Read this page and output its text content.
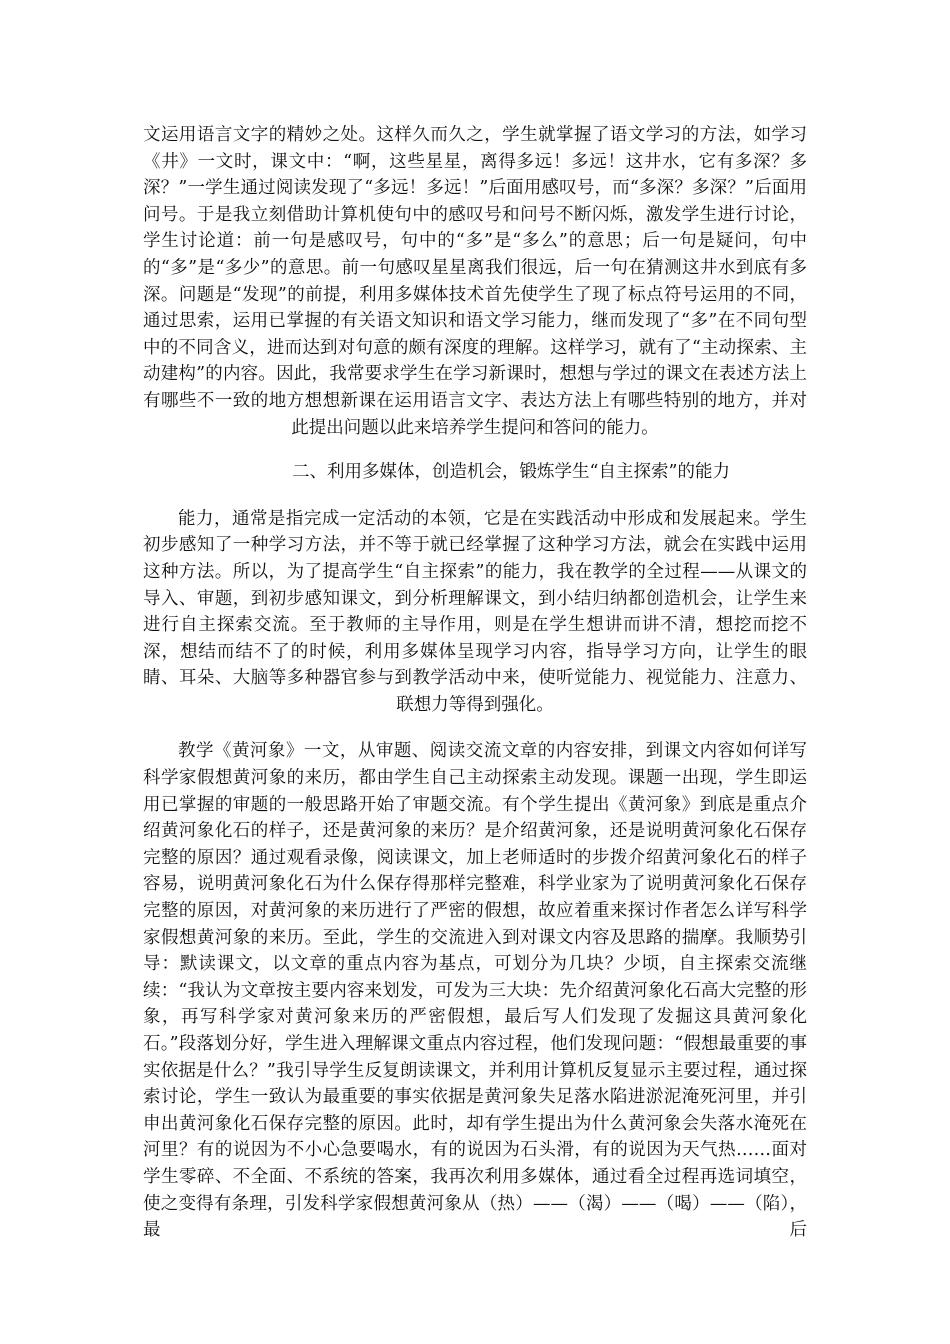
文运用语言文字的精妙之处。这样久而久之，学生就掌握了语文学习的方法，如学习《井》一文时，课文中：“啊，这些星星，离得多远！多远！这井水，它有多深？多深？”一学生通过阅读发现了“多远！多远！”后面用感叹号，而“多深？多深？”后面用问号。于是我立刻借助计算机使句中的感叹号和问号不断闪烁，激发学生进行讨论，学生讨论道：前一句是感叹号，句中的“多”是“多么”的意思；后一句是疑问，句中的“多”是“多少”的意思。前一句感叹星星离我们很远，后一句在猜测这井水到底有多深。问题是“发现”的前提，利用多媒体技术首先使学生了现了标点符号运用的不同，通过思索，运用已掌握的有关语文知识和语文学习能力，继而发现了“多”在不同句型中的不同含义，进而达到对句意的颇有深度的理解。这样学习，就有了“主动探索、主动建构”的内容。因此，我常要求学生在学习新课时，想想与学过的课文在表述方法上有哪些不一致的地方想想新课在运用语言文字、表达方法上有哪些特别的地方，并对此提出问题以此来培养学生提问和答问的能力。

二、利用多媒体，创造机会，锻炼学生“自主探索”的能力

能力，通常是指完成一定活动的本领，它是在实践活动中形成和发展起来。学生初步感知了一种学习方法，并不等于就已经掌握了这种学习方法，就会在实践中运用这种方法。所以，为了提高学生“自主探索”的能力，我在教学的全过程——从课文的导入、审题，到初步感知课文，到分析理解课文，到小结归纳都创造机会，让学生来进行自主探索交流。至于教师的主导作用，则是在学生想讲而讲不清，想挖而挖不深，想结而结不了的时候，利用多媒体呈现学习内容，指导学习方向，让学生的眼睛、耳朵、大脑等多种器官参与到教学活动中来，使听觉能力、视觉能力、注意力、联想力等得到强化。

教学《黄河象》一文，从审题、阅读交流文章的内容安排，到课文内容如何详写科学家假想黄河象的来历，都由学生自己主动探索主动发现。课题一出现，学生即运用已掌握的审题的一般思路开始了审题交流。有个学生提出《黄河象》到底是重点介绍黄河象化石的样子，还是黄河象的来历？是介绍黄河象，还是说明黄河象化石保存完整的原因？通过观看录像，阅读课文，加上老师适时的步拨介绍黄河象化石的样子容易，说明黄河象化石为什么保存得那样完整难，科学业家为了说明黄河象化石保存完整的原因，对黄河象的来历进行了严密的假想，故应着重来探讨作者怎么详写科学家假想黄河象的来历。至此，学生的交流进入到对课文内容及思路的揣摩。我顺势引导：默读课文，以文章的重点内容为基点，可划分为几块？少顷，自主探索交流继续：“我认为文章按主要内容来划发，可发为三大块：先介绍黄河象化石高大完整的形象，再写科学家对黄河象来历的严密假想，最后写人们发现了发掘这具黄河象化石。”段落划分好，学生进入理解课文重点内容过程，他们发现问题：“假想最重要的事实依据是什么？”我引导学生反复朗读课文，并利用计算机反复显示主要过程，通过探索讨论，学生一致认为最重要的事实依据是黄河象失足落水陷进淤泥淹死河里，并引申出黄河象化石保存完整的原因。此时，却有学生提出为什么黄河象会失落水淹死在河里？有的说因为不小心急要喝水，有的说因为石头滑，有的说因为天气热……面对学生零碎、不全面、不系统的答案，我再次利用多媒体，通过看全过程再选词填空，使之变得有条理，引发科学家假想黄河象从（热）——（渴）——（喝）——（陷），最后
